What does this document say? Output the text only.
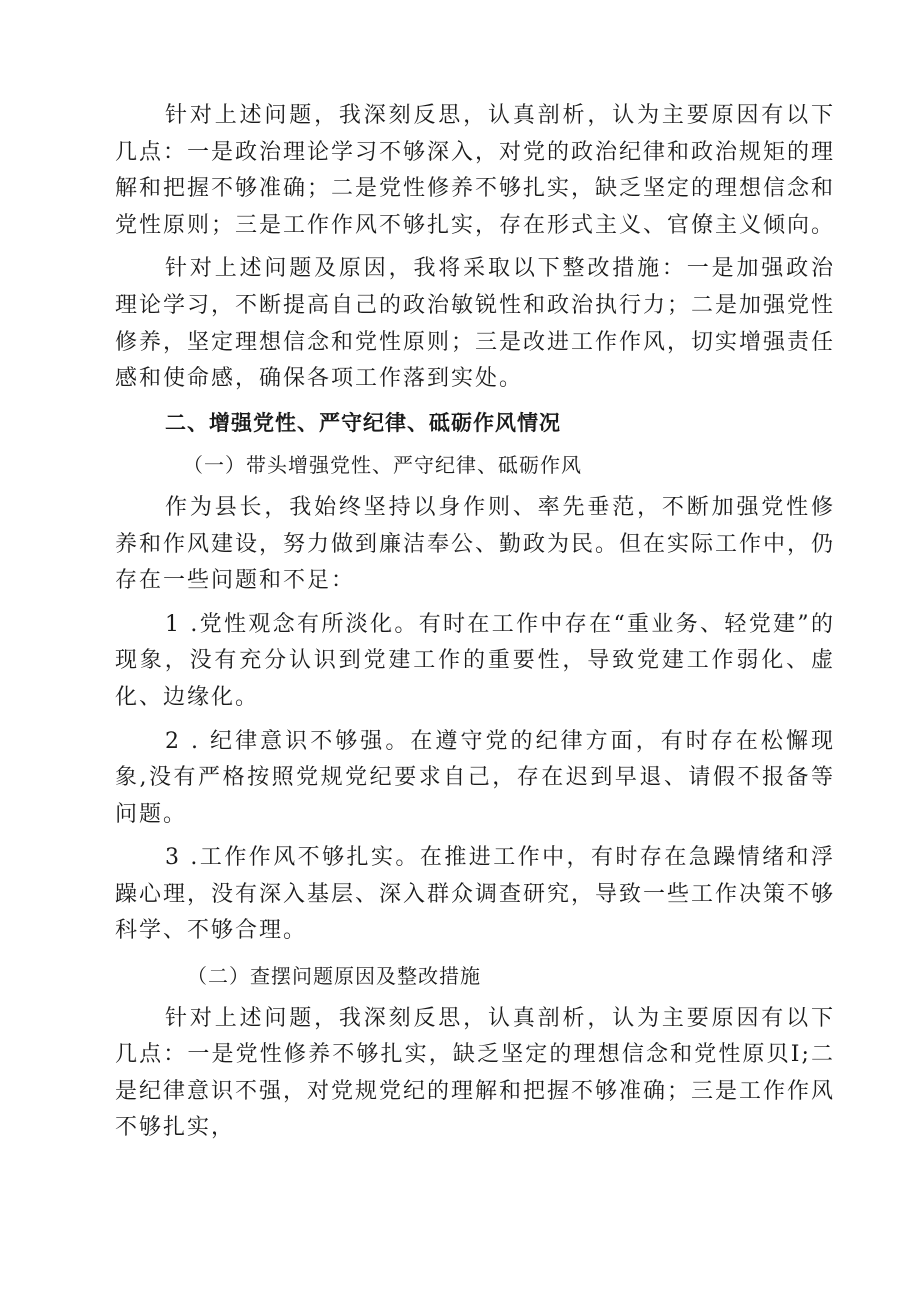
针对上述问题，我深刻反思，认真剖析，认为主要原因有以下几点：一是政治理论学习不够深入，对党的政治纪律和政治规矩的理解和把握不够准确；二是党性修养不够扎实，缺乏坚定的理想信念和党性原则；三是工作作风不够扎实，存在形式主义、官僚主义倾向。

针对上述问题及原因，我将采取以下整改措施：一是加强政治理论学习，不断提高自己的政治敏锐性和政治执行力；二是加强党性修养，坚定理想信念和党性原则；三是改进工作作风，切实增强责任感和使命感，确保各项工作落到实处。

二、增强党性、严守纪律、砥砺作风情况

（一）带头增强党性、严守纪律、砥砺作风

作为县长，我始终坚持以身作则、率先垂范，不断加强党性修养和作风建设，努力做到廉洁奉公、勤政为民。但在实际工作中，仍存在一些问题和不足：

1 .党性观念有所淡化。有时在工作中存在“重业务、轻党建”的现象，没有充分认识到党建工作的重要性，导致党建工作弱化、虚化、边缘化。

2 . 纪律意识不够强。在遵守党的纪律方面，有时存在松懈现象,没有严格按照党规党纪要求自己，存在迟到早退、请假不报备等问题。

3 .工作作风不够扎实。在推进工作中，有时存在急躁情绪和浮躁心理，没有深入基层、深入群众调查研究，导致一些工作决策不够科学、不够合理。

（二）查摆问题原因及整改措施

针对上述问题，我深刻反思，认真剖析，认为主要原因有以下几点：一是党性修养不够扎实，缺乏坚定的理想信念和党性原贝I;二是纪律意识不强，对党规党纪的理解和把握不够准确；三是工作作风不够扎实，
